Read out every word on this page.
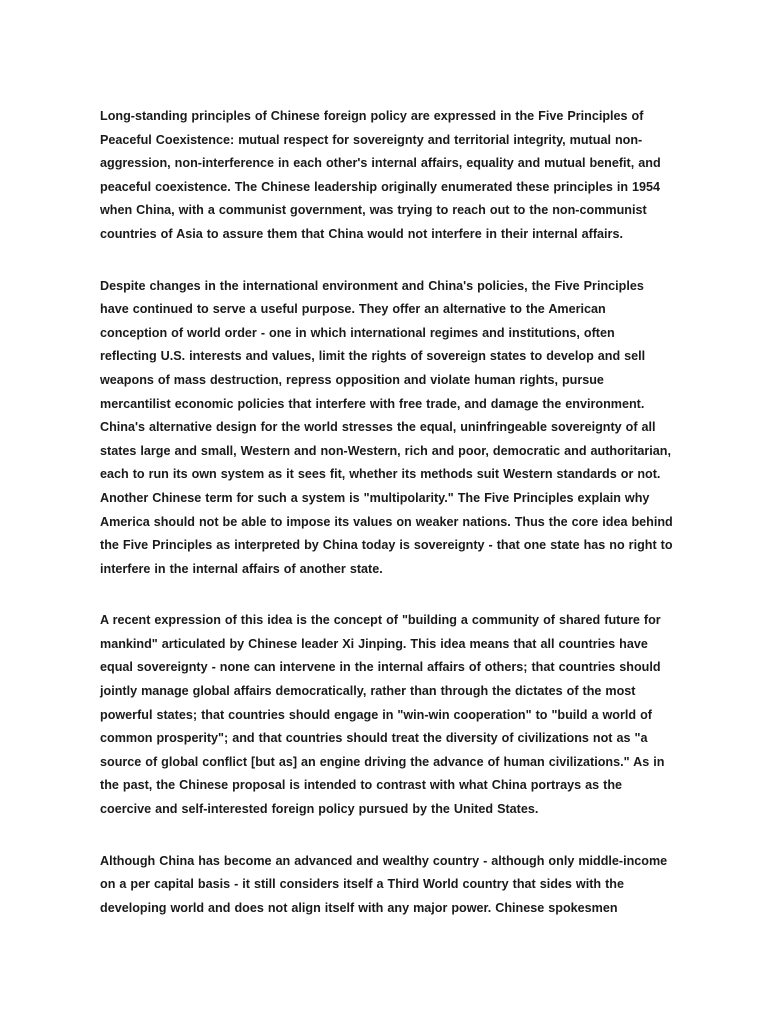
Long-standing principles of Chinese foreign policy are expressed in the Five Principles of Peaceful Coexistence: mutual respect for sovereignty and territorial integrity, mutual non-aggression, non-interference in each other's internal affairs, equality and mutual benefit, and peaceful coexistence. The Chinese leadership originally enumerated these principles in 1954 when China, with a communist government, was trying to reach out to the non-communist countries of Asia to assure them that China would not interfere in their internal affairs.

Despite changes in the international environment and China's policies, the Five Principles have continued to serve a useful purpose. They offer an alternative to the American conception of world order - one in which international regimes and institutions, often reflecting U.S. interests and values, limit the rights of sovereign states to develop and sell weapons of mass destruction, repress opposition and violate human rights, pursue mercantilist economic policies that interfere with free trade, and damage the environment. China's alternative design for the world stresses the equal, uninfringeable sovereignty of all states large and small, Western and non-Western, rich and poor, democratic and authoritarian, each to run its own system as it sees fit, whether its methods suit Western standards or not. Another Chinese term for such a system is "multipolarity." The Five Principles explain why America should not be able to impose its values on weaker nations. Thus the core idea behind the Five Principles as interpreted by China today is sovereignty - that one state has no right to interfere in the internal affairs of another state.

A recent expression of this idea is the concept of "building a community of shared future for mankind" articulated by Chinese leader Xi Jinping. This idea means that all countries have equal sovereignty - none can intervene in the internal affairs of others; that countries should jointly manage global affairs democratically, rather than through the dictates of the most powerful states; that countries should engage in "win-win cooperation" to "build a world of common prosperity"; and that countries should treat the diversity of civilizations not as "a source of global conflict [but as] an engine driving the advance of human civilizations." As in the past, the Chinese proposal is intended to contrast with what China portrays as the coercive and self-interested foreign policy pursued by the United States.

Although China has become an advanced and wealthy country - although only middle-income on a per capital basis - it still considers itself a Third World country that sides with the developing world and does not align itself with any major power. Chinese spokesmen
